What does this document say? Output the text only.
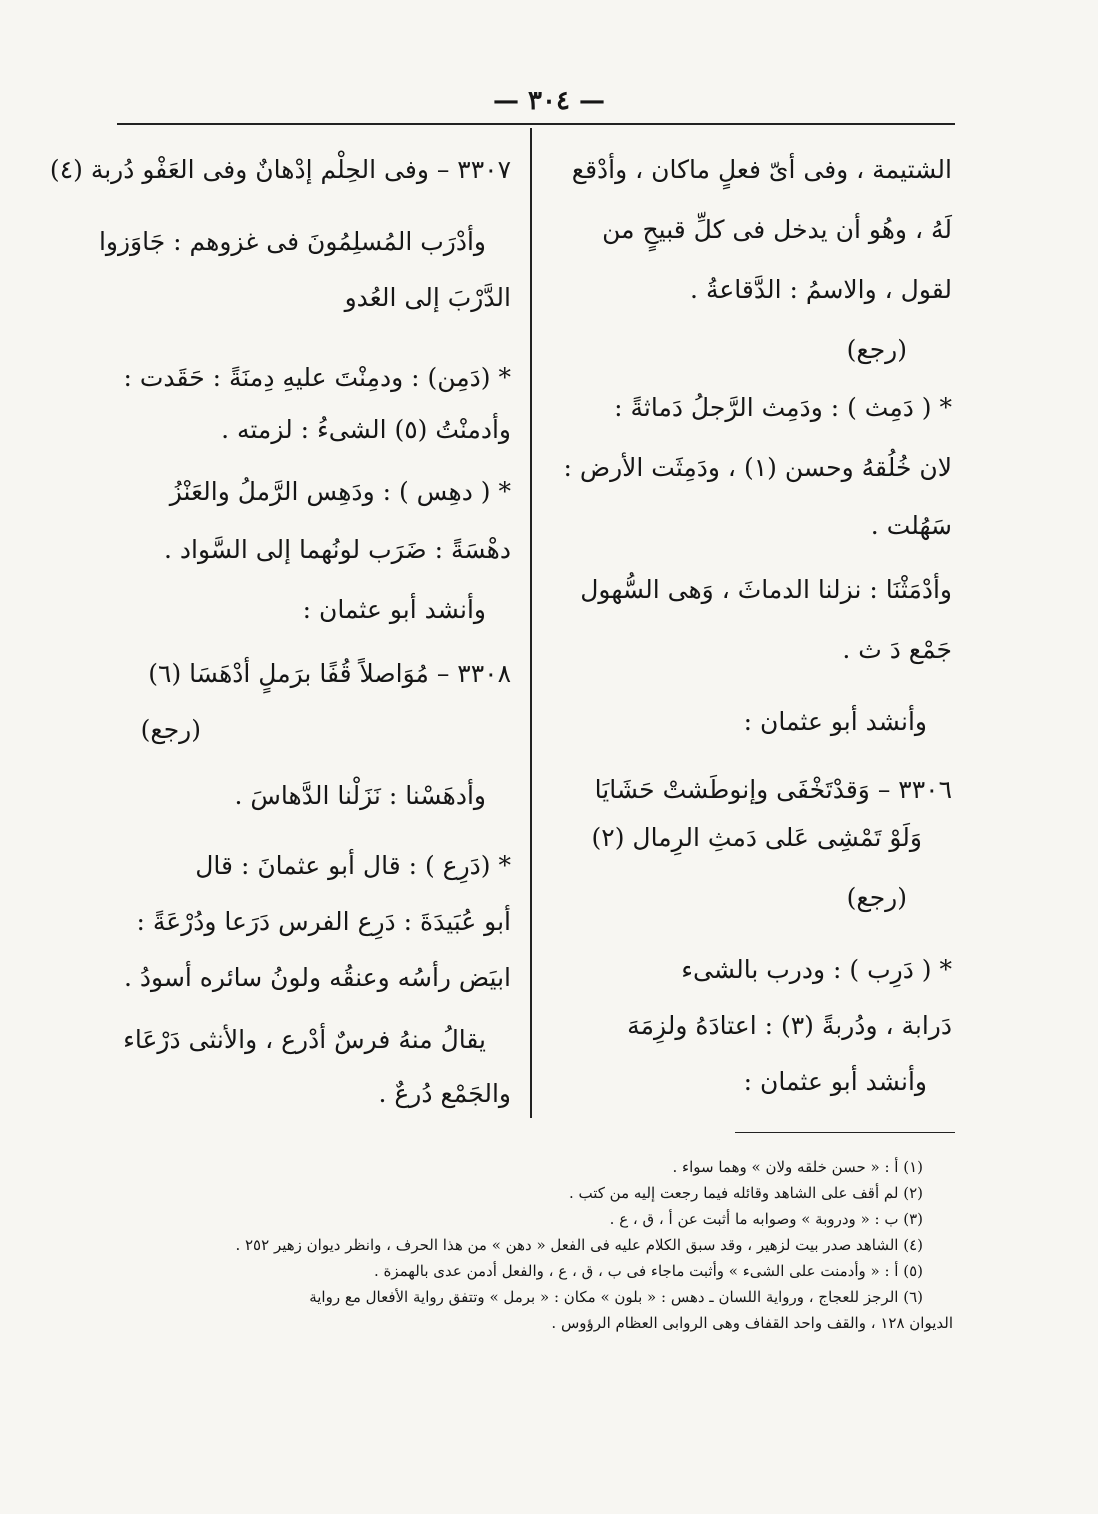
— ٣٠٤ —
الشتيمة ، وفى أىّ فعلٍ ماكان ، وأدْقع
لَهُ ، وهُو أن يدخل فى كلِّ قبيحٍ من
لقول ، والاسمُ : الدَّقاعةُ .
(رجع)
* ( دَمِث ) : ودَمِث الرَّجلُ دَماثةً :
لان خُلُقهُ وحسن (١) ، ودَمِثَت الأرض :
سَهُلت .
وأدْمَثْنَا : نزلنا الدماثَ ، وَهى السُّهول
جَمْع دَ ث .
وأنشد أبو عثمان :
٣٣٠٦ – وَقدْتَخْفَى وإنوطَشتْ حَشَايَا
وَلَوْ تَمْشِى عَلى دَمثِ الرِمال (٢)
(رجع)
* ( دَرِب ) : ودرب بالشىء
دَرابة ، ودُربةً (٣) : اعتادَهُ ولزِمَهَ
وأنشد أبو عثمان :
٣٣٠٧ – وفى الحِلْم إدْهانٌ وفى العَفْو دُربة (٤)
وأدْرَب المُسلِمُونَ فى غزوهم : جَاوَزوا
الدَّرْبَ إلى العُدو
* (دَمِن) : ودمِنْتَ عليهِ دِمنَةً : حَقَدت :
وأدمنْتُ (٥) الشىءُ : لزمته .
* ( دهِس ) : ودَهِس الرَّملُ والعَنْزُ
دهْسَةً : ضَرَب لونُهما إلى السَّواد .
وأنشد أبو عثمان :
٣٣٠٨ – مُوَاصلاً قُفًا برَملٍ أدْهَسَا (٦)
(رجع)
وأدهَسْنا : نَزَلْنا الدَّهاسَ .
* (دَرِع ) : قال أبو عثمانَ : قال
أبو عُبَيدَةَ : دَرِع الفرس دَرَعا ودُرْعَةً :
ابيَض رأسُه وعنقُه ولونُ سائره أسودُ .
يقالُ منهُ فرسٌ أدْرع ، والأنثى دَرْعَاء
والجَمْع دُرعٌ .
(١) أ : « حسن خلقه ولان » وهما سواء .
(٢) لم أقف على الشاهد وقائله فيما رجعت إليه من كتب .
(٣) ب : « ودروبة » وصوابه ما أثبت عن أ ، ق ، ع .
(٤) الشاهد صدر بيت لزهير ، وقد سبق الكلام عليه فى الفعل « دهن » من هذا الحرف ، وانظر ديوان زهير ٢٥٢ .
(٥) أ : « وأدمنت على الشىء » وأثبت ماجاء فى ب ، ق ، ع ، والفعل أدمن عدى بالهمزة .
(٦) الرجز للعجاج ، ورواية اللسان ـ دهس : « بلون » مكان : « برمل » وتتفق رواية الأفعال مع رواية
الديوان ١٢٨ ، والقف واحد القفاف وهى الروابى العظام الرؤوس .
